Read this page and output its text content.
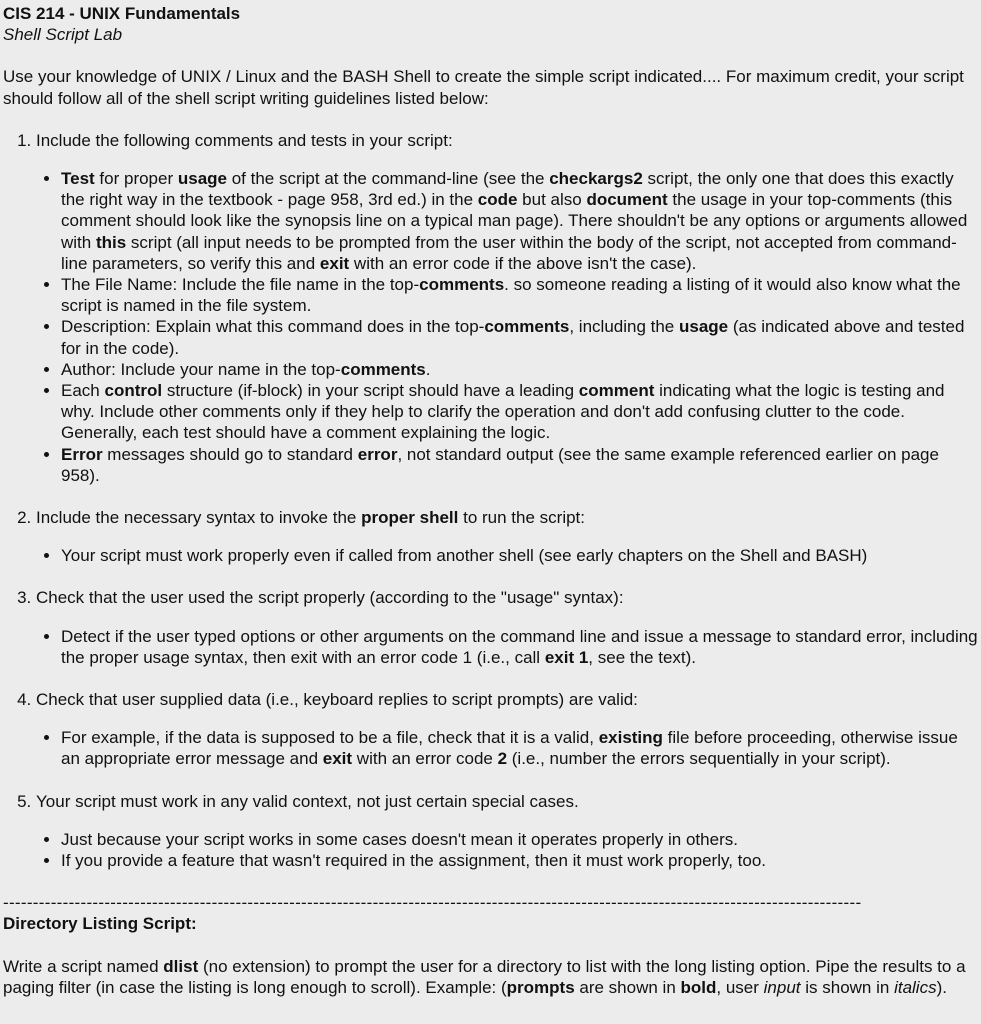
CIS 214 - UNIX Fundamentals

Shell Script Lab

Use your knowledge of UNIX / Linux and the BASH Shell to create the simple script indicated.... For maximum credit, your script should follow all of the shell script writing guidelines listed below:

1. Include the following comments and tests in your script:
• Test for proper usage of the script at the command-line (see the checkargs2 script, the only one that does this exactly the right way in the textbook - page 958, 3rd ed.) in the code but also document the usage in your top-comments (this comment should look like the synopsis line on a typical man page). There shouldn't be any options or arguments allowed with this script (all input needs to be prompted from the user within the body of the script, not accepted from command-line parameters, so verify this and exit with an error code if the above isn't the case).
• The File Name: Include the file name in the top-comments. so someone reading a listing of it would also know what the script is named in the file system.
• Description: Explain what this command does in the top-comments, including the usage (as indicated above and tested for in the code).
• Author: Include your name in the top-comments.
• Each control structure (if-block) in your script should have a leading comment indicating what the logic is testing and why. Include other comments only if they help to clarify the operation and don't add confusing clutter to the code. Generally, each test should have a comment explaining the logic.
• Error messages should go to standard error, not standard output (see the same example referenced earlier on page 958).
2. Include the necessary syntax to invoke the proper shell to run the script:
• Your script must work properly even if called from another shell (see early chapters on the Shell and BASH)
3. Check that the user used the script properly (according to the "usage" syntax):
• Detect if the user typed options or other arguments on the command line and issue a message to standard error, including the proper usage syntax, then exit with an error code 1 (i.e., call exit 1, see the text).
4. Check that user supplied data (i.e., keyboard replies to script prompts) are valid:
• For example, if the data is supposed to be a file, check that it is a valid, existing file before proceeding, otherwise issue an appropriate error message and exit with an error code 2 (i.e., number the errors sequentially in your script).
5. Your script must work in any valid context, not just certain special cases.
• Just because your script works in some cases doesn't mean it operates properly in others.
• If you provide a feature that wasn't required in the assignment, then it must work properly, too.
------------------------------------------------------------------------------------------------------------------------------------------------

Directory Listing Script:

Write a script named dlist (no extension) to prompt the user for a directory to list with the long listing option. Pipe the results to a paging filter (in case the listing is long enough to scroll). Example: (prompts are shown in bold, user input is shown in italics).
